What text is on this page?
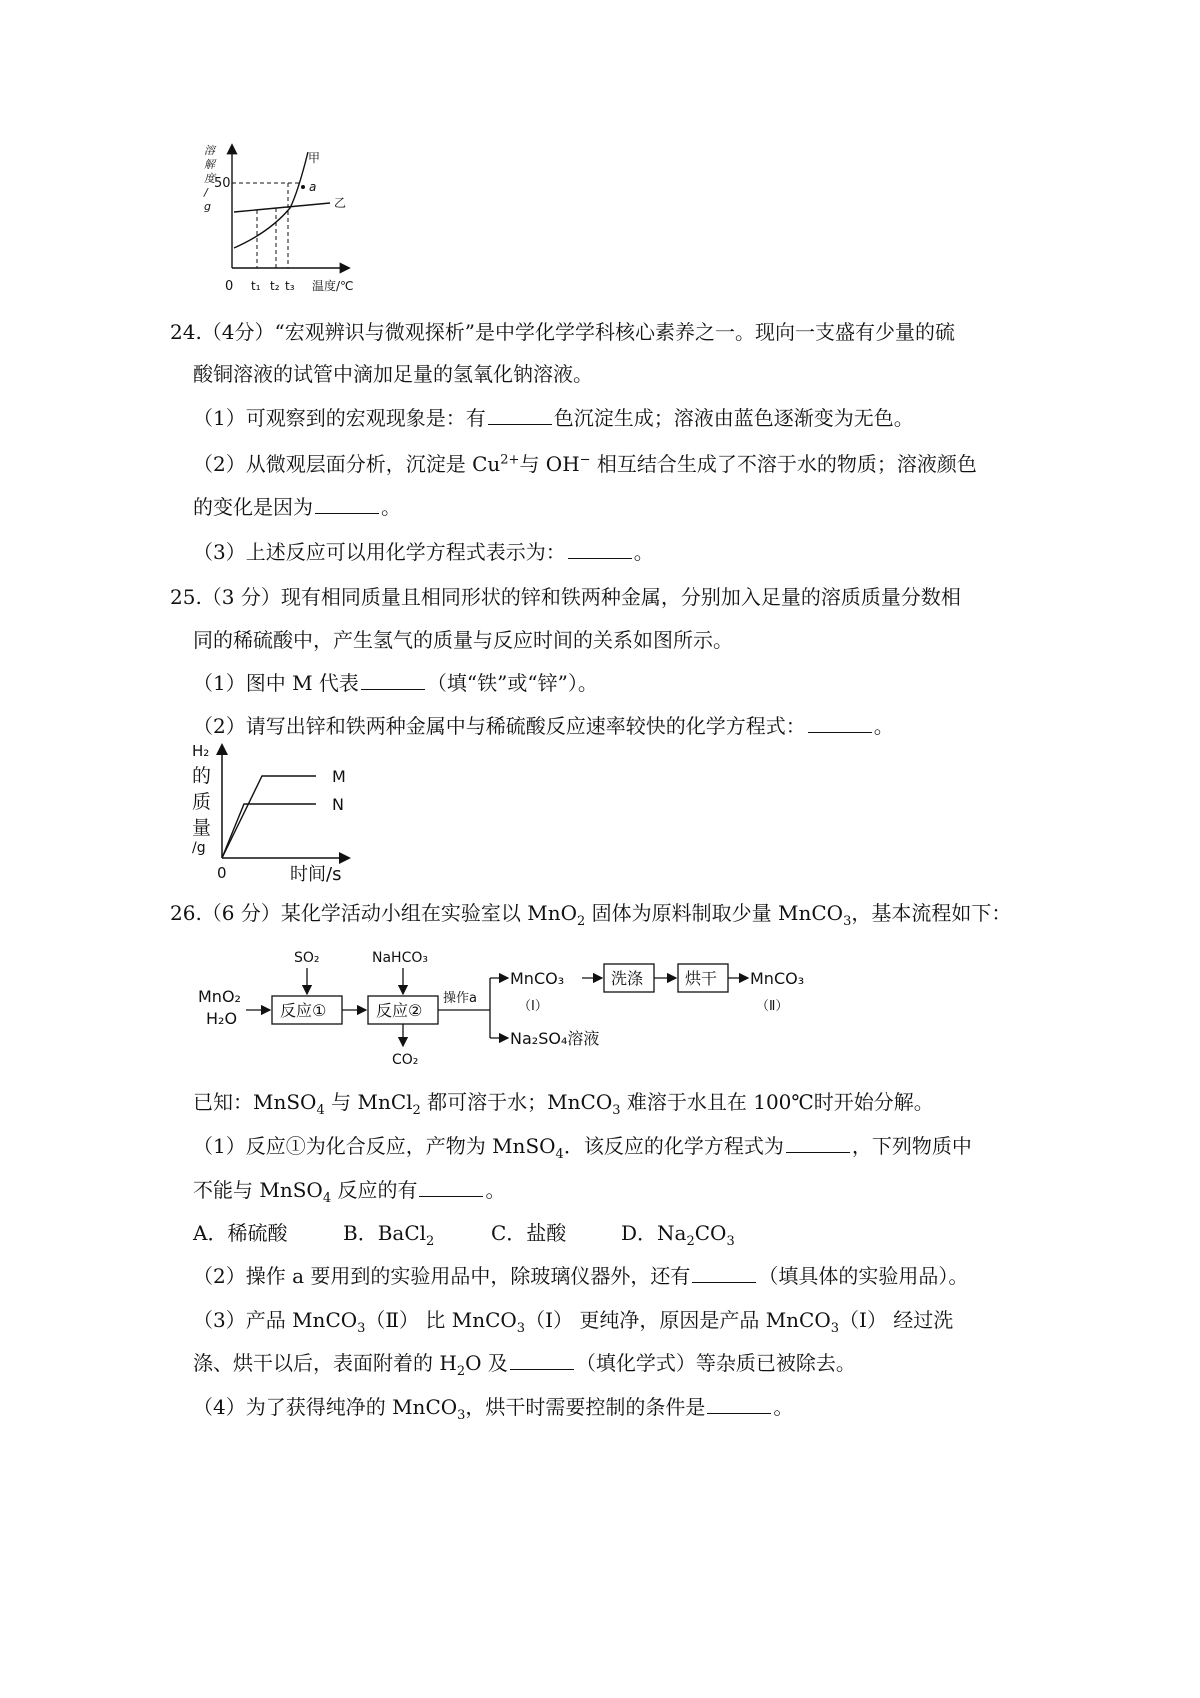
溶解度/ g
50
甲
乙
a
0 t₁ t₂ t₃ 温度/℃
24.（4分）“宏观辨识与微观探析”是中学化学学科核心素养之一。现向一支盛有少量的硫
酸铜溶液的试管中滴加足量的氢氧化钠溶液。
（1）可观察到的宏观现象是：有	色沉淀生成；溶液由蓝色逐渐变为无色。
（2）从微观层面分析，沉淀是 $Cu^{2+}$与 OH− 相互结合生成了不溶于水的物质；溶液颜色
的变化是因为	。
（3）上述反应可以用化学方程式表示为：	。
25.（3 分）现有相同质量且相同形状的锌和铁两种金属，分别加入足量的溶质质量分数相
同的稀硫酸中，产生氢气的质量与反应时间的关系如图所示。
（1）图中 M 代表	（填“铁”或“锌”）。
（2）请写出锌和铁两种金属中与稀硫酸反应速率较快的化学方程式：	。
H₂
的
质
量
/g
M
N
0	时间/s
26.（6 分）某化学活动小组在实验室以 MnO$_2$ 固体为原料制取少量 MnCO$_3$，基本流程如下：
MnO₂
H₂O	反应①
SO₂
反应②
NaHCO₃
CO₂
操作a
MnCO₃
（Ⅰ）
Na₂SO₄溶液
洗涤	烘干 MnCO₃
（Ⅱ）
已知：MnSO$_4$ 与 MnCl$_2$ 都可溶于水；MnCO$_3$ 难溶于水且在 100℃时开始分解。
（1）反应①为化合反应，产物为 MnSO$_4$．该反应的化学方程式为	，下列物质中
不能与 MnSO$_4$ 反应的有	。
A．稀硫酸	B．BaCl$_2$	C．盐酸	D．$Na_2CO_3$
（2）操作 a 要用到的实验用品中，除玻璃仪器外，还有	（填具体的实验用品）。
（3）产品 MnCO$_3$（Ⅱ） 比 MnCO$_3$（Ⅰ） 更纯净，原因是产品 MnCO$_3$（Ⅰ） 经过洗
涤、烘干以后，表面附着的 $H_2O$ 及	（填化学式）等杂质已被除去。
（4）为了获得纯净的 MnCO$_3$，烘干时需要控制的条件是	。
